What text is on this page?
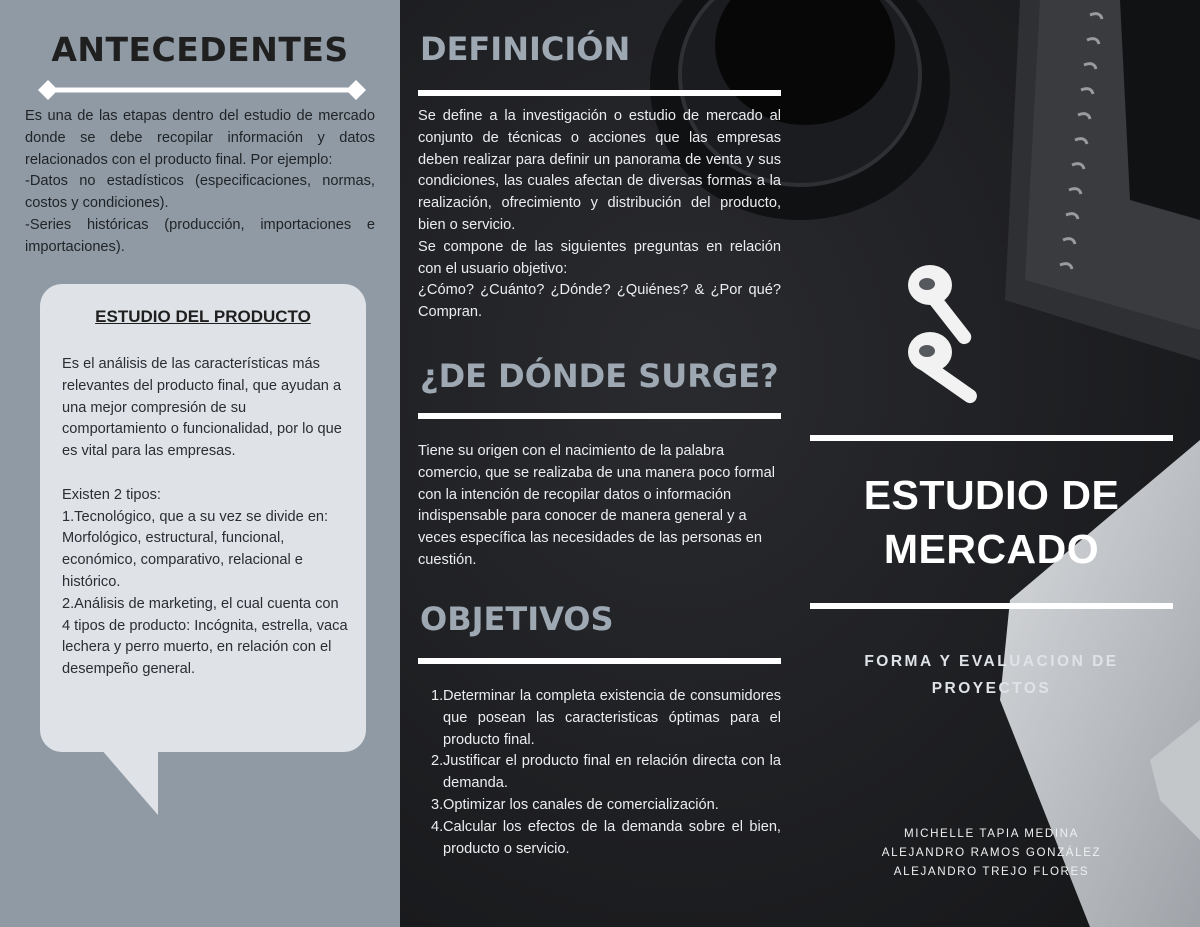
ANTECEDENTES

Es una de las etapas dentro del estudio de mercado donde se debe recopilar información y datos relacionados con el producto final. Por ejemplo:
-Datos no estadísticos (especificaciones, normas, costos y condiciones).
-Series históricas (producción, importaciones e importaciones).

ESTUDIO DEL PRODUCTO

Es el análisis de las características más relevantes del producto final, que ayudan a una mejor compresión de su comportamiento o funcionalidad, por lo que es vital para las empresas.

Existen 2 tipos:
1.Tecnológico, que a su vez se divide en: Morfológico, estructural, funcional, económico, comparativo, relacional e histórico.
2.Análisis de marketing, el cual cuenta con 4 tipos de producto: Incógnita, estrella, vaca lechera y perro muerto, en relación con el desempeño general.

DEFINICIÓN

Se define a la investigación o estudio de mercado al conjunto de técnicas o acciones que las empresas deben realizar para definir un panorama de venta y sus condiciones, las cuales afectan de diversas formas a la realización, ofrecimiento y distribución del producto, bien o servicio.

Se compone de las siguientes preguntas en relación con el usuario objetivo:

¿Cómo? ¿Cuánto? ¿Dónde? ¿Quiénes? & ¿Por qué? Compran.

¿DE DÓNDE SURGE?

Tiene su origen con el nacimiento de la palabra comercio, que se realizaba de una manera poco formal con la intención de recopilar datos o información indispensable para conocer de manera general y a veces específica las necesidades de las personas en cuestión.

OBJETIVOS
1. Determinar la completa existencia de consumidores que posean las caracteristicas óptimas para el producto final.
2. Justificar el producto final en relación directa con la demanda.
3. Optimizar los canales de comercialización.
4. Calcular los efectos de la demanda sobre el bien, producto o servicio.
ESTUDIO DE
MERCADO

FORMA Y EVALUACION DE PROYECTOS

MICHELLE TAPIA MEDINA

ALEJANDRO RAMOS GONZÁLEZ

ALEJANDRO TREJO FLORES
